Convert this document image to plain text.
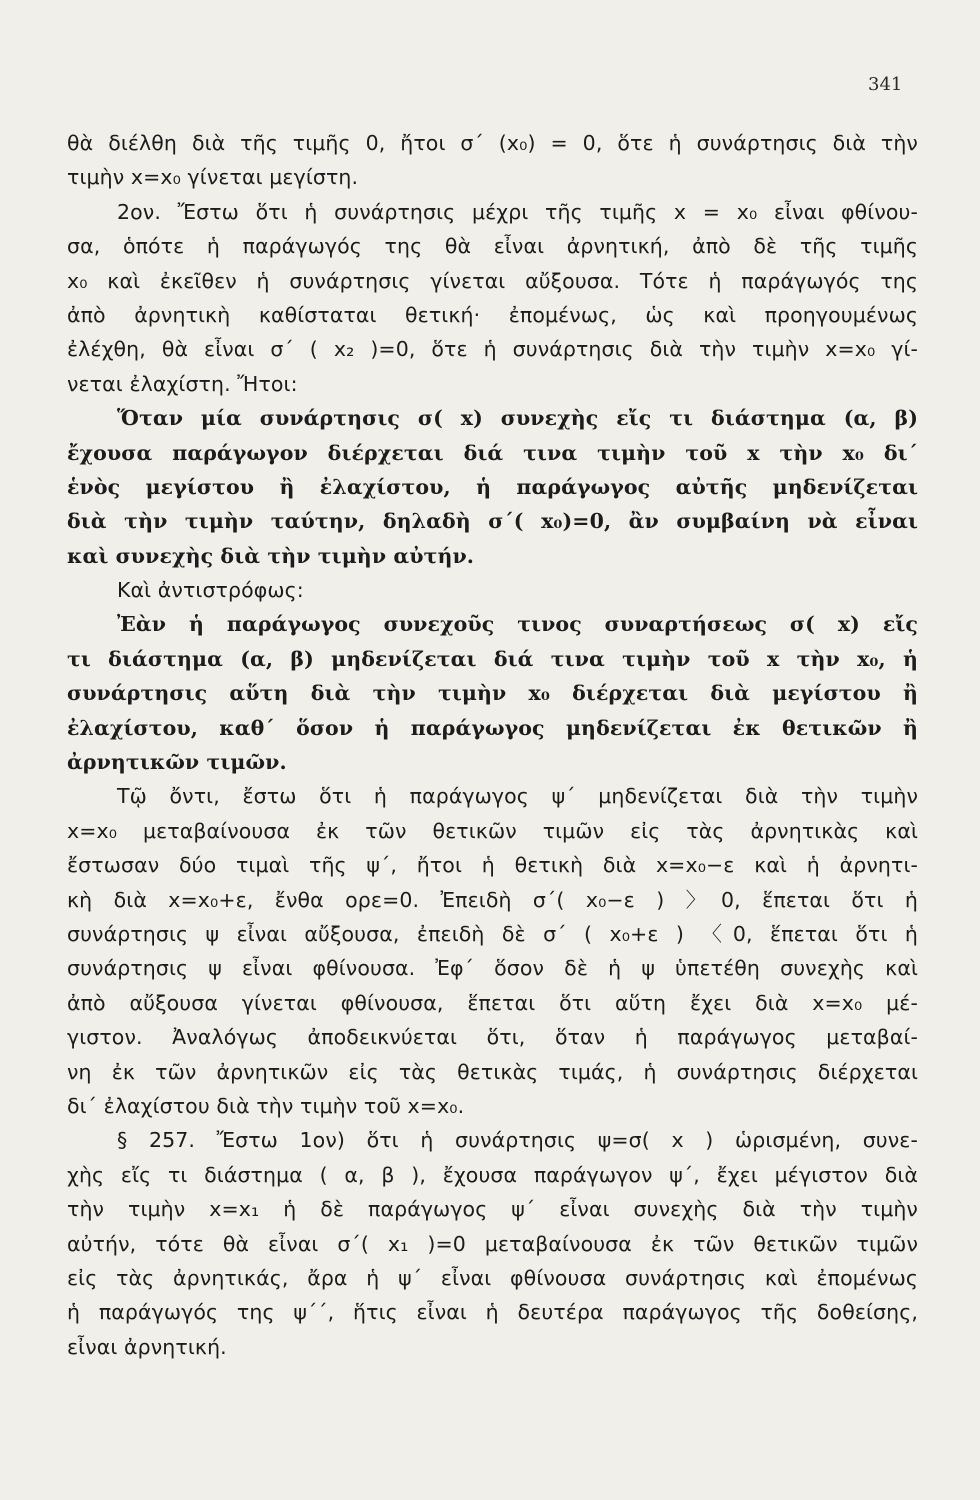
341
θὰ διέλθη διὰ τῆς τιμῆς 0, ἤτοι σ΄ (x₀) = 0, ὅτε ἡ συνάρτησις διὰ τὴν
τιμὴν x=x₀ γίνεται μεγίστη.
2ον. Ἔστω ὅτι ἡ συνάρτησις μέχρι τῆς τιμῆς x = x₀ εἶναι φθίνου-
σα, ὁπότε ἡ παράγωγός της θὰ εἶναι ἀρνητική, ἀπὸ δὲ τῆς τιμῆς
x₀ καὶ ἐκεῖθεν ἡ συνάρτησις γίνεται αὔξουσα. Τότε ἡ παράγωγός της
ἀπὸ ἀρνητικὴ καθίσταται θετική· ἐπομένως, ὡς καὶ προηγουμένως
ἐλέχθη, θὰ εἶναι σ΄ ( x₂ )=0, ὅτε ἡ συνάρτησις διὰ τὴν τιμὴν x=x₀ γί-
νεται ἐλαχίστη. Ἤτοι:
Ὅταν μία συνάρτησις σ( x) συνεχὴς εἴς τι διάστημα (α, β)
ἔχουσα παράγωγον διέρχεται διά τινα τιμὴν τοῦ x τὴν x₀ δι΄
ἑνὸς μεγίστου ἢ ἐλαχίστου, ἡ παράγωγος αὐτῆς μηδενίζεται
διὰ τὴν τιμὴν ταύτην, δηλαδὴ σ΄( x₀)=0, ἂν συμβαίνη νὰ εἶναι
καὶ συνεχὴς διὰ τὴν τιμὴν αὐτήν.
Καὶ ἀντιστρόφως:
Ἐὰν ἡ παράγωγος συνεχοῦς τινος συναρτήσεως σ( x) εἴς
τι διάστημα (α, β) μηδενίζεται διά τινα τιμὴν τοῦ x τὴν x₀, ἡ
συνάρτησις αὕτη διὰ τὴν τιμὴν x₀ διέρχεται διὰ μεγίστου ἢ
ἐλαχίστου, καθ΄ ὅσον ἡ παράγωγος μηδενίζεται ἐκ θετικῶν ἢ
ἀρνητικῶν τιμῶν.
Τῷ ὄντι, ἔστω ὅτι ἡ παράγωγος ψ΄ μηδενίζεται διὰ τὴν τιμὴν
x=x₀ μεταβαίνουσα ἐκ τῶν θετικῶν τιμῶν εἰς τὰς ἀρνητικὰς καὶ
ἔστωσαν δύο τιμαὶ τῆς ψ΄, ἤτοι ἡ θετικὴ διὰ x=x₀−ε καὶ ἡ ἀρνητι-
κὴ διὰ x=x₀+ε, ἔνθα ορε=0. Ἐπειδὴ σ΄( x₀−ε ) 〉0, ἕπεται ὅτι ἡ
συνάρτησις ψ εἶναι αὔξουσα, ἐπειδὴ δὲ σ΄ ( x₀+ε ) 〈0, ἕπεται ὅτι ἡ
συνάρτησις ψ εἶναι φθίνουσα. Ἐφ΄ ὅσον δὲ ἡ ψ ὑπετέθη συνεχὴς καὶ
ἀπὸ αὔξουσα γίνεται φθίνουσα, ἕπεται ὅτι αὕτη ἔχει διὰ x=x₀ μέ-
γιστον. Ἀναλόγως ἀποδεικνύεται ὅτι, ὅταν ἡ παράγωγος μεταβαί-
νη ἐκ τῶν ἀρνητικῶν εἰς τὰς θετικὰς τιμάς, ἡ συνάρτησις διέρχεται
δι΄ ἐλαχίστου διὰ τὴν τιμὴν τοῦ x=x₀.
§ 257. Ἔστω 1ον) ὅτι ἡ συνάρτησις ψ=σ( x ) ὡρισμένη, συνε-
χὴς εἴς τι διάστημα ( α, β ), ἔχουσα παράγωγον ψ΄, ἔχει μέγιστον διὰ
τὴν τιμὴν x=x₁ ἡ δὲ παράγωγος ψ΄ εἶναι συνεχὴς διὰ τὴν τιμὴν
αὐτήν, τότε θὰ εἶναι σ΄( x₁ )=0 μεταβαίνουσα ἐκ τῶν θετικῶν τιμῶν
εἰς τὰς ἀρνητικάς, ἄρα ἡ ψ΄ εἶναι φθίνουσα συνάρτησις καὶ ἐπομένως
ἡ παράγωγός της ψ΄΄, ἥτις εἶναι ἡ δευτέρα παράγωγος τῆς δοθείσης,
εἶναι ἀρνητική.
